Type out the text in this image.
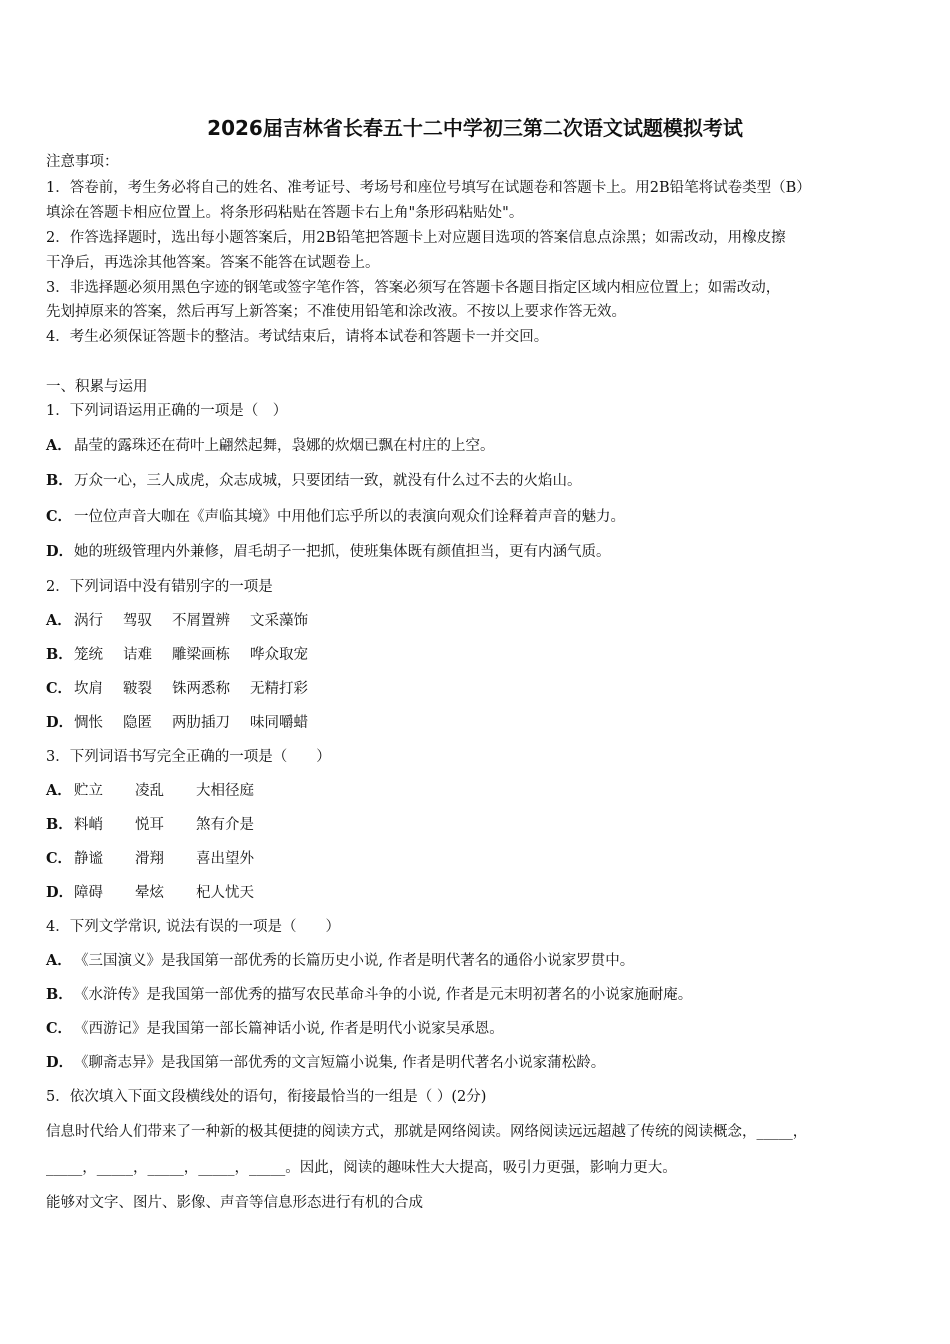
2026届吉林省长春五十二中学初三第二次语文试题模拟考试
注意事项：
1．答卷前，考生务必将自己的姓名、准考证号、考场号和座位号填写在试题卷和答题卡上。用2B铅笔将试卷类型（B）
填涂在答题卡相应位置上。将条形码粘贴在答题卡右上角"条形码粘贴处"。
2．作答选择题时，选出每小题答案后，用2B铅笔把答题卡上对应题目选项的答案信息点涂黑；如需改动，用橡皮擦
干净后，再选涂其他答案。答案不能答在试题卷上。
3．非选择题必须用黑色字迹的钢笔或签字笔作答，答案必须写在答题卡各题目指定区域内相应位置上；如需改动，
先划掉原来的答案，然后再写上新答案；不准使用铅笔和涂改液。不按以上要求作答无效。
4．考生必须保证答题卡的整洁。考试结束后，请将本试卷和答题卡一并交回。
一、积累与运用
1．下列词语运用正确的一项是（　）
A． 晶莹的露珠还在荷叶上翩然起舞，袅娜的炊烟已飘在村庄的上空。
B．万众一心，三人成虎，众志成城，只要团结一致，就没有什么过不去的火焰山。
C． 一位位声音大咖在《声临其境》中用他们忘乎所以的表演向观众们诠释着声音的魅力。
D．她的班级管理内外兼修，眉毛胡子一把抓，使班集体既有颜值担当，更有内涵气质。
2．下列词语中没有错别字的一项是
A． 涡行 驾驭 不屑置辨 文采藻饰
B．笼统 诘难 雕梁画栋 哗众取宠
C． 坎肩 皲裂 铢两悉称 无精打彩
D．惆怅 隐匿 两肋插刀 味同嚼蜡
3．下列词语书写完全正确的一项是（　　）
A． 贮立 凌乱 大相径庭
B．料峭 悦耳 煞有介是
C． 静谧 滑翔 喜出望外
D．障碍 晕炫 杞人忧天
4．下列文学常识, 说法有误的一项是（　　）
A． 《三国演义》是我国第一部优秀的长篇历史小说, 作者是明代著名的通俗小说家罗贯中。
B．《水浒传》是我国第一部优秀的描写农民革命斗争的小说, 作者是元末明初著名的小说家施耐庵。
C． 《西游记》是我国第一部长篇神话小说, 作者是明代小说家吴承恩。
D．《聊斋志异》是我国第一部优秀的文言短篇小说集, 作者是明代著名小说家蒲松龄。
5．依次填入下面文段横线处的语句，衔接最恰当的一组是（ ）(2分)
信息时代给人们带来了一种新的极其便捷的阅读方式，那就是网络阅读。网络阅读远远超越了传统的阅读概念，_____，
_____，_____，_____，_____，_____。因此，阅读的趣味性大大提高，吸引力更强，影响力更大。
能够对文字、图片、影像、声音等信息形态进行有机的合成
